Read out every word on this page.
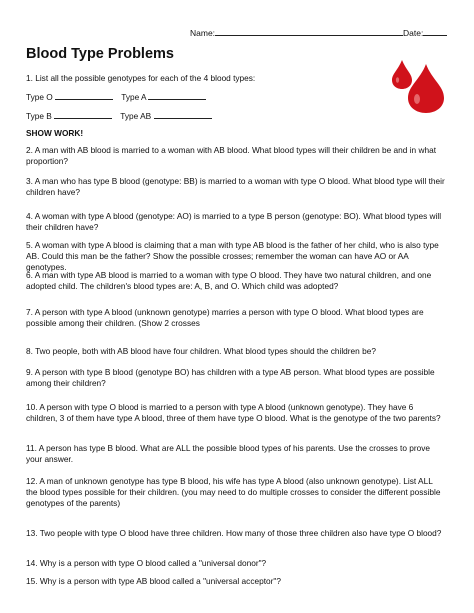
Name:	Date:
Blood Type Problems
1. List all the possible genotypes for each of the 4 blood types:
Type O	Type A
Type B	Type AB
SHOW WORK!
2. A man with AB blood is married to a woman with AB blood. What blood types will their children be and in what proportion?
3. A man who has type B blood (genotype: BB) is married to a woman with type O blood. What blood type will their children have?
4. A woman with type A blood (genotype: AO) is married to a type B person (genotype: BO). What blood types will their children have?
5. A woman with type A blood is claiming that a man with type AB blood is the father of her child, who is also type AB. Could this man be the father? Show the possible crosses; remember the woman can have AO or AA genotypes.
6. A man with type AB blood is married to a woman with type O blood. They have two natural children, and one adopted child. The children's blood types are: A, B, and O. Which child was adopted?
7. A person with type A blood (unknown genotype) marries a person with type O blood. What blood types are possible among their children. (Show 2 crosses
8. Two people, both with AB blood have four children. What blood types should the children be?
9. A person with type B blood (genotype BO) has children with a type AB person. What blood types are possible among their children?
10. A person with type O blood is married to a person with type A blood (unknown genotype). They have 6 children, 3 of them have type A blood, three of them have type O blood. What is the genotype of the two parents?
11. A person has type B blood. What are ALL the possible blood types of his parents. Use the crosses to prove your answer.
12. A man of unknown genotype has type B blood, his wife has type A blood (also unknown genotype). List ALL the blood types possible for their children. (you may need to do multiple crosses to consider the different possible genotypes of the parents)
13. Two people with type O blood have three children. How many of those three children also have type O blood?
14. Why is a person with type O blood called a "universal donor"?
15. Why is a person with type AB blood called a "universal acceptor"?
